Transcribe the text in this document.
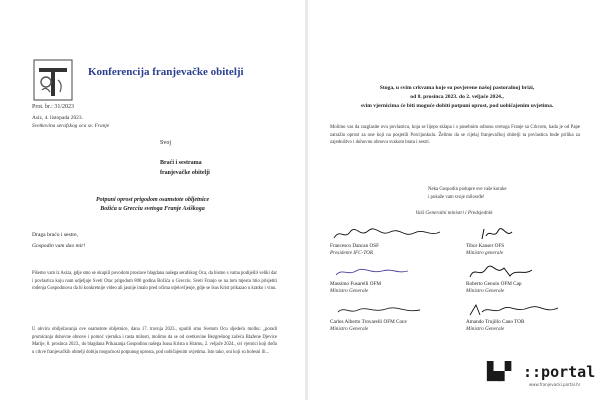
Konferencija franjevačke obitelji
Prot. br.: 31/2023
Asiz, 4. listopada 2023.
Svetkovina serafskog oca sv. Franje
Svoj
Braći i sestrama
franjevačke obitelji
Potpuni oprost prigodom osamstote obljetnice
Božića u Grecciu svetoga Franje Asiškoga
Draga braćo i sestre,
Gospodin vam dao mir!
Pišemo vam iz Asiza, gdje smo se okupili povodom proslave blagdana našega serafskog Oca, da bismo s vama podijelili veliki dar i povlastica koju nam udjeljuje Sveti Otac prigodom 800 godina Božića u Grecciu. Sveti Franjo se na tom mjestu htio prisjetiti rođenja Gospodinova da bi konkretnije video ali jasnije imalo pred očima utjelovljenje, gdje se Isus Krist prikazao u kratko i vinu.
U okviru obilježavanja ove osamstote obljetnice, dana 17. travnja 2023., uputili smo Svetom Ocu sljedeću molbu: „poradi promicanja duhovne obnove i pomoć vjernika i rasta milosti, molimo da se od svetkovine Bezgrešnog začeća Blažene Djevice Marije, 8. prosinca 2023., do blagdana Prikazanja Gospodinu našega Isusa Krista u Hramu, 2. veljače 2024., svi vjernici koji dođu u crkve franjevačkih obitelji dobiju mogućnost potpunog oprosta, pod uobičajenim uvjetima. Isto tako, oni koji su bolesni ili...
Stoga, u svim crkvama koje su povjerene našoj pastoralnoj brizi,
od 8. prosinca 2023. do 2. veljače 2024.,
svim vjernicima će biti moguće dobiti potpuni oprost, pod uobičajenim uvjetima.
Molimo vas da razglasite ovu povlasticu, koja se lijepo sklapa i s posebnim odnosu svetoga Franje sa Crkvom, kada je od Pape zatražio oprost za one koji na posjetili Porcijunkulu. Želimo da se cijelaj franjevačkoj obitelji ta povlastica bude prilika za zajedništvo i duhovnu obnovu svakom brata i sestri.
Neka Gospodin podupre sve vaše korake
i pokaže vam svoje milosrđe!
Vaši Generalni ministri i Predsjednik
Francesco Dancan OSF
Presidente IFC-TOR
Tibor Kauser OFS
Ministro generale
Massimo Fusarelli OFM
Ministro Generale
Roberto Genuin OFM Cap
Ministro Generale
Carlos Alberto Trovarelli OFM Conv
Ministro Generale
Amando Trujillo Cano TOR
Ministro Generale
▙▞ ::portal
www.franjevacki.portal.hr
